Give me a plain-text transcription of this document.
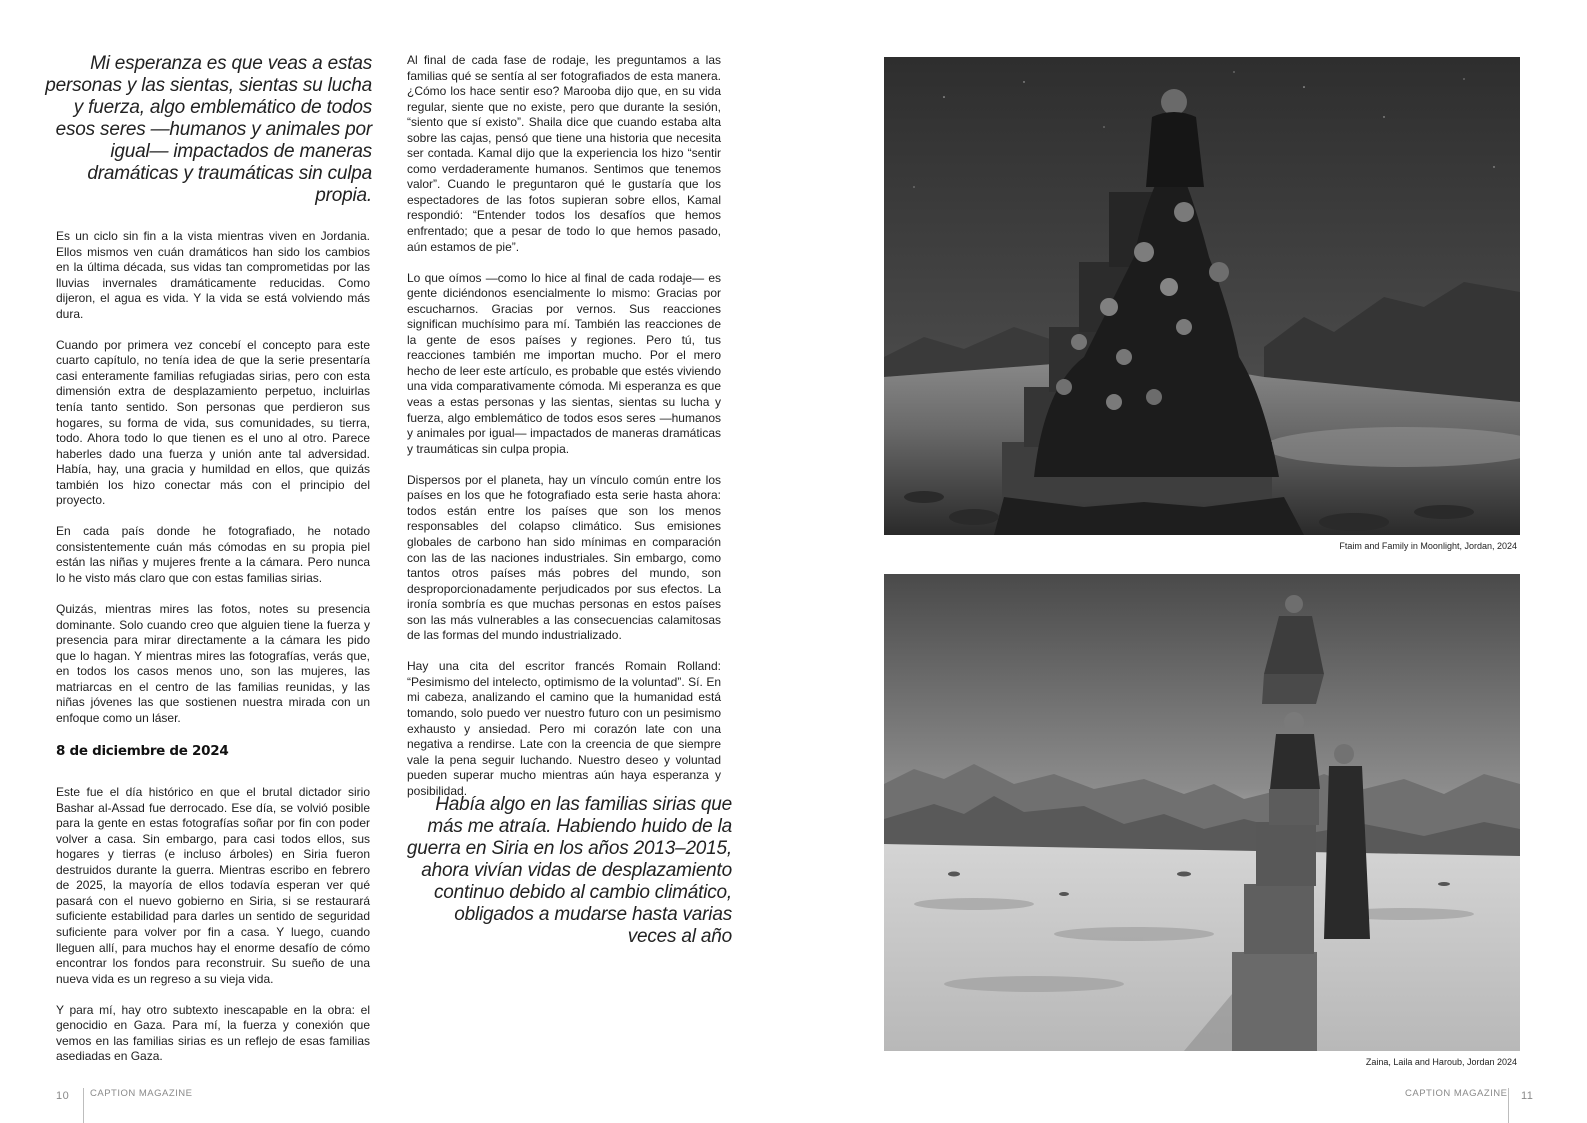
Mi esperanza es que veas a estas personas y las sientas, sientas su lucha y fuerza, algo emblemático de todos esos seres —humanos y animales por igual— impactados de maneras dramáticas y traumáticas sin culpa propia.

Es un ciclo sin fin a la vista mientras viven en Jordania. Ellos mismos ven cuán dramáticos han sido los cambios en la última década, sus vidas tan comprometidas por las lluvias invernales dramáticamente reducidas. Como dijeron, el agua es vida. Y la vida se está volviendo más dura.

Cuando por primera vez concebí el concepto para este cuarto capítulo, no tenía idea de que la serie presentaría casi enteramente familias refugiadas sirias, pero con esta dimensión extra de desplazamiento perpetuo, incluirlas tenía tanto sentido. Son personas que perdieron sus hogares, su forma de vida, sus comunidades, su tierra, todo. Ahora todo lo que tienen es el uno al otro. Parece haberles dado una fuerza y unión ante tal adversidad. Había, hay, una gracia y humildad en ellos, que quizás también los hizo conectar más con el principio del proyecto.

En cada país donde he fotografiado, he notado consistentemente cuán más cómodas en su propia piel están las niñas y mujeres frente a la cámara. Pero nunca lo he visto más claro que con estas familias sirias.

Quizás, mientras mires las fotos, notes su presencia dominante. Solo cuando creo que alguien tiene la fuerza y presencia para mirar directamente a la cámara les pido que lo hagan. Y mientras mires las fotografías, verás que, en todos los casos menos uno, son las mujeres, las matriarcas en el centro de las familias reunidas, y las niñas jóvenes las que sostienen nuestra mirada con un enfoque como un láser.

8 de diciembre de 2024

Este fue el día histórico en que el brutal dictador sirio Bashar al-Assad fue derrocado. Ese día, se volvió posible para la gente en estas fotografías soñar por fin con poder volver a casa. Sin embargo, para casi todos ellos, sus hogares y tierras (e incluso árboles) en Siria fueron destruidos durante la guerra. Mientras escribo en febrero de 2025, la mayoría de ellos todavía esperan ver qué pasará con el nuevo gobierno en Siria, si se restaurará suficiente estabilidad para darles un sentido de seguridad suficiente para volver por fin a casa. Y luego, cuando lleguen allí, para muchos hay el enorme desafío de cómo encontrar los fondos para reconstruir. Su sueño de una nueva vida es un regreso a su vieja vida.

Y para mí, hay otro subtexto inescapable en la obra: el genocidio en Gaza. Para mí, la fuerza y conexión que vemos en las familias sirias es un reflejo de esas familias asediadas en Gaza.

Al final de cada fase de rodaje, les preguntamos a las familias qué se sentía al ser fotografiados de esta manera. ¿Cómo los hace sentir eso? Marooba dijo que, en su vida regular, siente que no existe, pero que durante la sesión, “siento que sí existo”. Shaila dice que cuando estaba alta sobre las cajas, pensó que tiene una historia que necesita ser contada. Kamal dijo que la experiencia los hizo “sentir como verdaderamente humanos. Sentimos que tenemos valor”. Cuando le preguntaron qué le gustaría que los espectadores de las fotos supieran sobre ellos, Kamal respondió: “Entender todos los desafíos que hemos enfrentado; que a pesar de todo lo que hemos pasado, aún estamos de pie”.

Lo que oímos —como lo hice al final de cada rodaje— es gente diciéndonos esencialmente lo mismo: Gracias por escucharnos. Gracias por vernos. Sus reacciones significan muchísimo para mí. También las reacciones de la gente de esos países y regiones. Pero tú, tus reacciones también me importan mucho. Por el mero hecho de leer este artículo, es probable que estés viviendo una vida comparativamente cómoda. Mi esperanza es que veas a estas personas y las sientas, sientas su lucha y fuerza, algo emblemático de todos esos seres —humanos y animales por igual— impactados de maneras dramáticas y traumáticas sin culpa propia.

Dispersos por el planeta, hay un vínculo común entre los países en los que he fotografiado esta serie hasta ahora: todos están entre los países que son los menos responsables del colapso climático. Sus emisiones globales de carbono han sido mínimas en comparación con las de las naciones industriales. Sin embargo, como tantos otros países más pobres del mundo, son desproporcionadamente perjudicados por sus efectos. La ironía sombría es que muchas personas en estos países son las más vulnerables a las consecuencias calamitosas de las formas del mundo industrializado.

Hay una cita del escritor francés Romain Rolland: “Pesimismo del intelecto, optimismo de la voluntad”. Sí. En mi cabeza, analizando el camino que la humanidad está tomando, solo puedo ver nuestro futuro con un pesimismo exhausto y ansiedad. Pero mi corazón late con una negativa a rendirse. Late con la creencia de que siempre vale la pena seguir luchando. Nuestro deseo y voluntad pueden superar mucho mientras aún haya esperanza y posibilidad.

Había algo en las familias sirias que más me atraía. Habiendo huido de la guerra en Siria en los años 2013–2015, ahora vivían vidas de desplazamiento continuo debido al cambio climático, obligados a mudarse hasta varias veces al año
Ftaim and Family in Moonlight, Jordan, 2024
Zaina, Laila and Haroub, Jordan 2024
10 CAPTION MAGAZINE	CAPTION MAGAZINE 11
